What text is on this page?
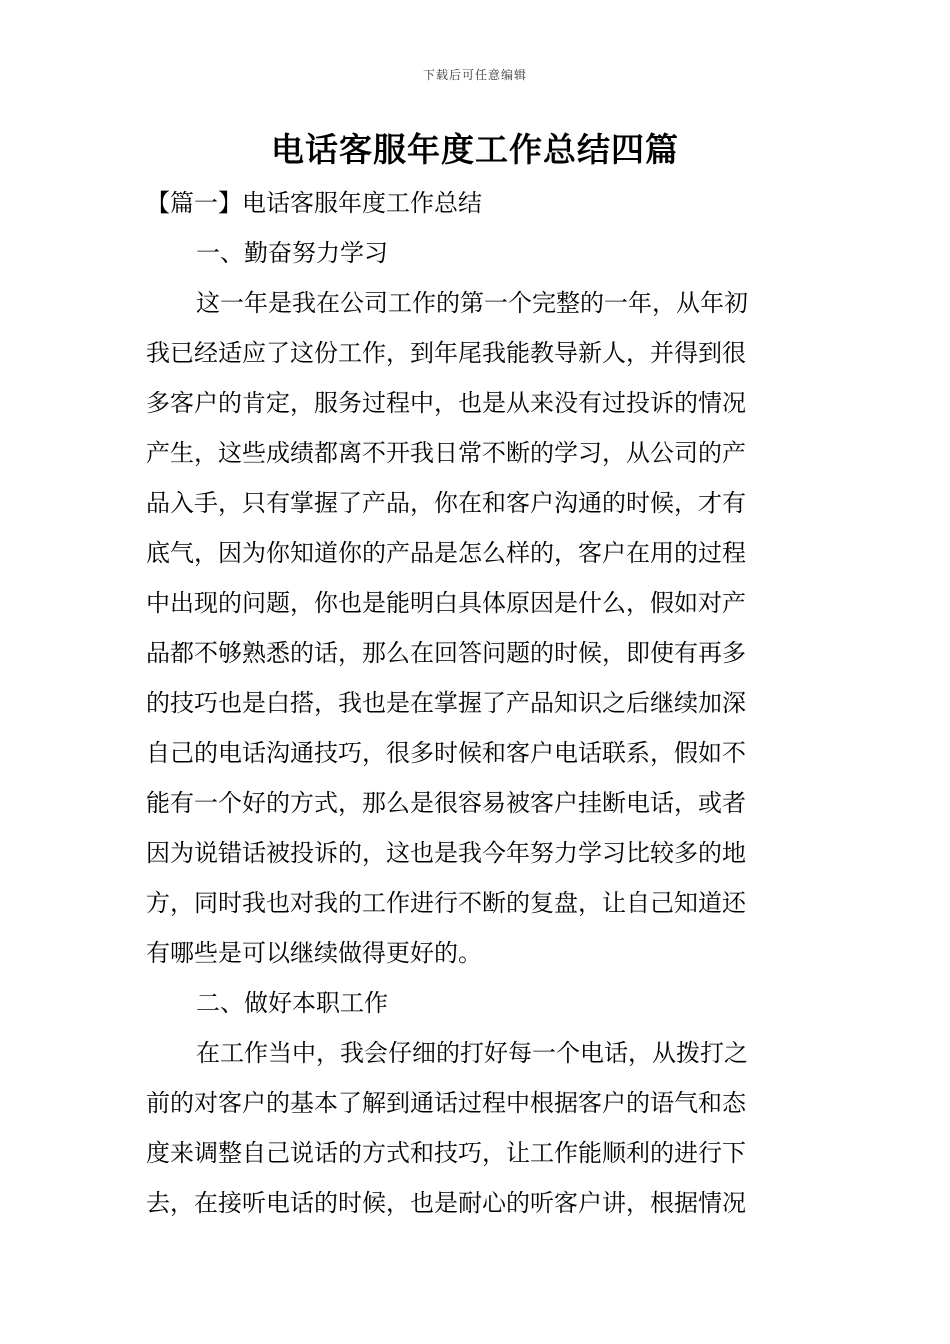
下载后可任意编辑
电话客服年度工作总结四篇

【篇一】电话客服年度工作总结

一、勤奋努力学习

这一年是我在公司工作的第一个完整的一年，从年初

我已经适应了这份工作，到年尾我能教导新人，并得到很

多客户的肯定，服务过程中，也是从来没有过投诉的情况

产生，这些成绩都离不开我日常不断的学习，从公司的产

品入手，只有掌握了产品，你在和客户沟通的时候，才有

底气，因为你知道你的产品是怎么样的，客户在用的过程

中出现的问题，你也是能明白具体原因是什么，假如对产

品都不够熟悉的话，那么在回答问题的时候，即使有再多

的技巧也是白搭，我也是在掌握了产品知识之后继续加深

自己的电话沟通技巧，很多时候和客户电话联系，假如不

能有一个好的方式，那么是很容易被客户挂断电话，或者

因为说错话被投诉的，这也是我今年努力学习比较多的地

方，同时我也对我的工作进行不断的复盘，让自己知道还

有哪些是可以继续做得更好的。

二、做好本职工作

在工作当中，我会仔细的打好每一个电话，从拨打之

前的对客户的基本了解到通话过程中根据客户的语气和态

度来调整自己说话的方式和技巧，让工作能顺利的进行下

去，在接听电话的时候，也是耐心的听客户讲，根据情况
